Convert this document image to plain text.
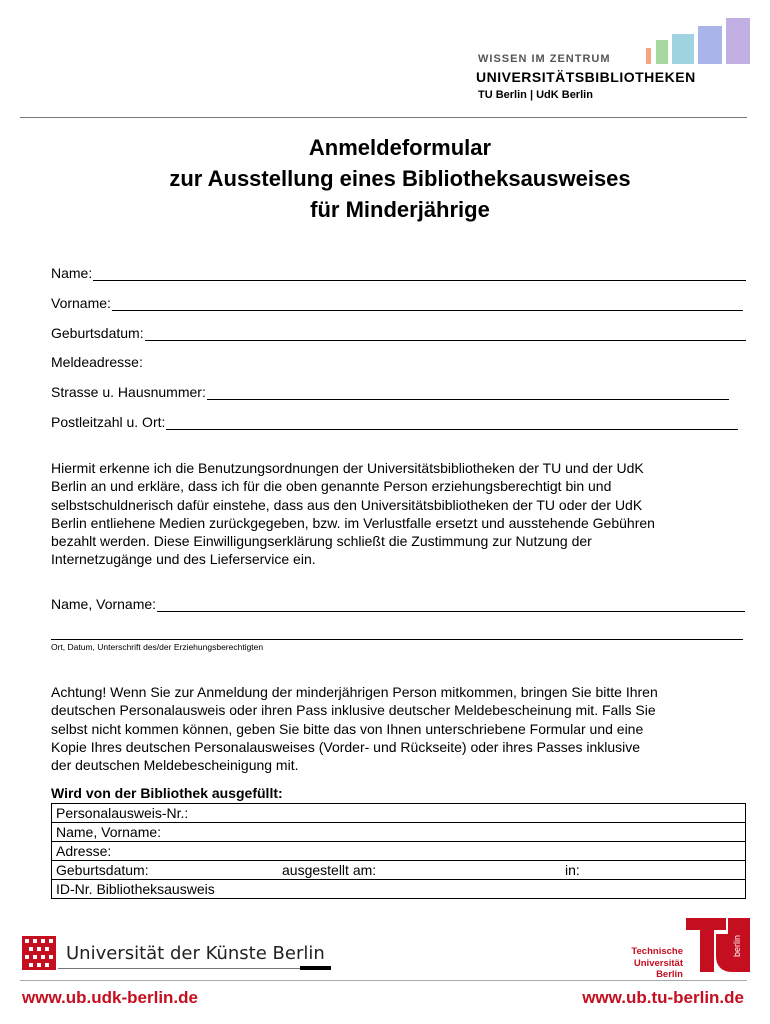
WISSEN IM ZENTRUM
UNIVERSITÄTSBIBLIOTHEKEN
TU Berlin | UdK Berlin
Anmeldeformular
zur Ausstellung eines Bibliotheksausweises
für Minderjährige
Name:
Vorname:
Geburtsdatum:
Meldeadresse:
Strasse u. Hausnummer:
Postleitzahl u. Ort:
Hiermit erkenne ich die Benutzungsordnungen der Universitätsbibliotheken der TU und der UdK
Berlin an und erkläre, dass ich für die oben genannte Person erziehungsberechtigt bin und
selbstschuldnerisch dafür einstehe, dass aus den Universitätsbibliotheken der TU oder der UdK
Berlin entliehene Medien zurückgegeben, bzw. im Verlustfalle ersetzt und ausstehende Gebühren
bezahlt werden. Diese Einwilligungserklärung schließt die Zustimmung zur Nutzung der
Internetzugänge und des Lieferservice ein.
Name, Vorname:
Ort, Datum, Unterschrift des/der Erziehungsberechtigten
Achtung! Wenn Sie zur Anmeldung der minderjährigen Person mitkommen, bringen Sie bitte Ihren
deutschen Personalausweis oder ihren Pass inklusive deutscher Meldebescheinung mit. Falls Sie
selbst nicht kommen können, geben Sie bitte das von Ihnen unterschriebene Formular und eine
Kopie Ihres deutschen Personalausweises (Vorder- und Rückseite) oder ihres Passes inklusive
der deutschen Meldebescheinigung mit.
Wird von der Bibliothek ausgefüllt:
Personalausweis-Nr.:
Name, Vorname:
Adresse:
Geburtsdatum:	ausgestellt am:	in:
ID-Nr. Bibliotheksausweis
Universität der Künste Berlin	Technische
Universität
Berlin
berlin
www.ub.udk-berlin.de	www.ub.tu-berlin.de
